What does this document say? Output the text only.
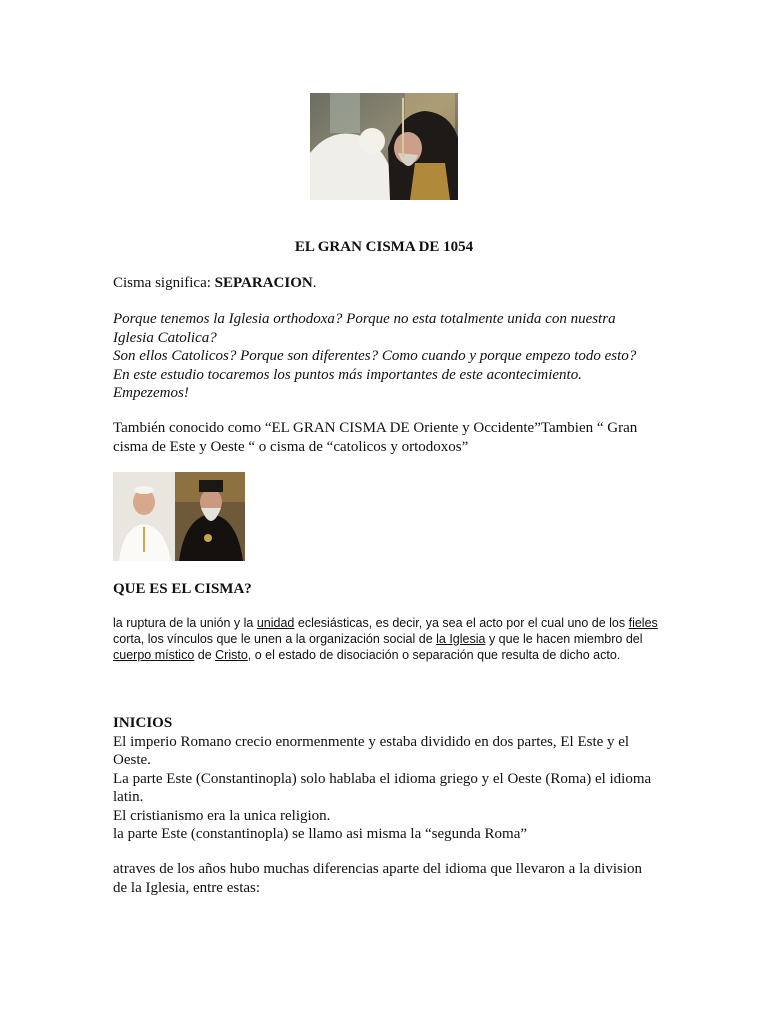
EL GRAN CISMA DE 1054

Cisma significa: SEPARACION.

Porque tenemos la Iglesia orthodoxa? Porque no esta totalmente unida con nuestra Iglesia Catolica?

Son ellos Catolicos? Porque son diferentes? Como cuando y porque empezo todo esto?

En este estudio tocaremos los puntos más importantes de este acontecimiento.

Empezemos!

También conocido como “EL GRAN CISMA DE Oriente y Occidente”Tambien “ Gran cisma de Este y Oeste “ o cisma de “catolicos y ortodoxos”

QUE ES EL CISMA?

la ruptura de la unión y la unidad eclesiásticas, es decir, ya sea el acto por el cual uno de los fieles corta, los vínculos que le unen a la organización social de la Iglesia y que le hacen miembro del cuerpo místico de Cristo, o el estado de disociación o separación que resulta de dicho acto.

INICIOS

El imperio Romano crecio enormenmente y estaba dividido en dos partes, El Este y el Oeste.

La parte Este (Constantinopla) solo hablaba el idioma griego y el Oeste (Roma) el idioma latin.

El cristianismo era la unica religion.

la parte Este (constantinopla) se llamo asi misma la “segunda Roma”

atraves de los años hubo muchas diferencias aparte del idioma que llevaron a la division de la Iglesia, entre estas:
